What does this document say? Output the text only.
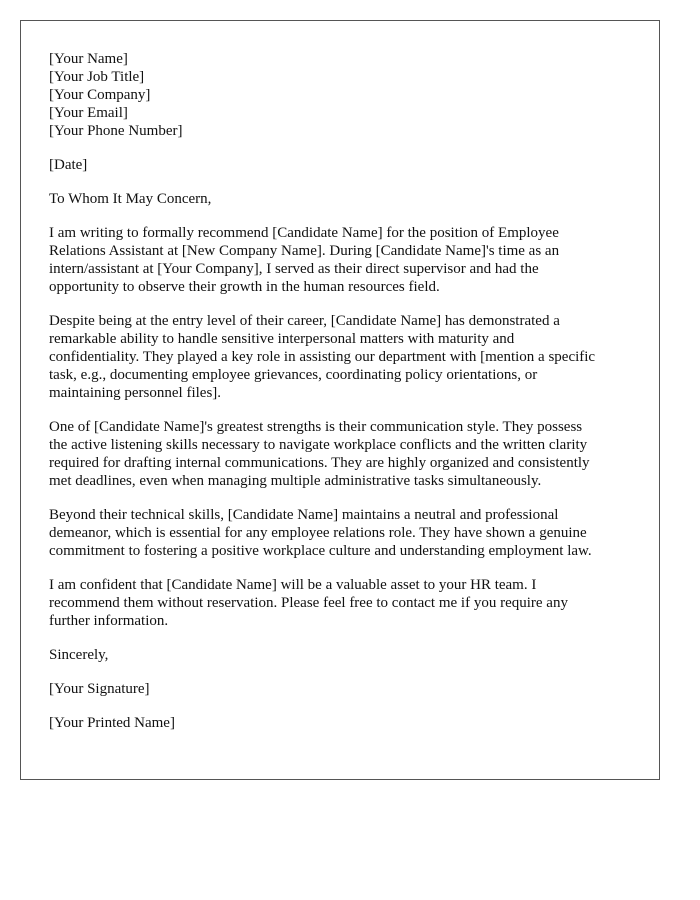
[Your Name]
[Your Job Title]
[Your Company]
[Your Email]
[Your Phone Number]
[Date]
To Whom It May Concern,
I am writing to formally recommend [Candidate Name] for the position of Employee
Relations Assistant at [New Company Name]. During [Candidate Name]'s time as an
intern/assistant at [Your Company], I served as their direct supervisor and had the
opportunity to observe their growth in the human resources field.
Despite being at the entry level of their career, [Candidate Name] has demonstrated a
remarkable ability to handle sensitive interpersonal matters with maturity and
confidentiality. They played a key role in assisting our department with [mention a specific
task, e.g., documenting employee grievances, coordinating policy orientations, or
maintaining personnel files].
One of [Candidate Name]'s greatest strengths is their communication style. They possess
the active listening skills necessary to navigate workplace conflicts and the written clarity
required for drafting internal communications. They are highly organized and consistently
met deadlines, even when managing multiple administrative tasks simultaneously.
Beyond their technical skills, [Candidate Name] maintains a neutral and professional
demeanor, which is essential for any employee relations role. They have shown a genuine
commitment to fostering a positive workplace culture and understanding employment law.
I am confident that [Candidate Name] will be a valuable asset to your HR team. I
recommend them without reservation. Please feel free to contact me if you require any
further information.
Sincerely,
[Your Signature]
[Your Printed Name]
